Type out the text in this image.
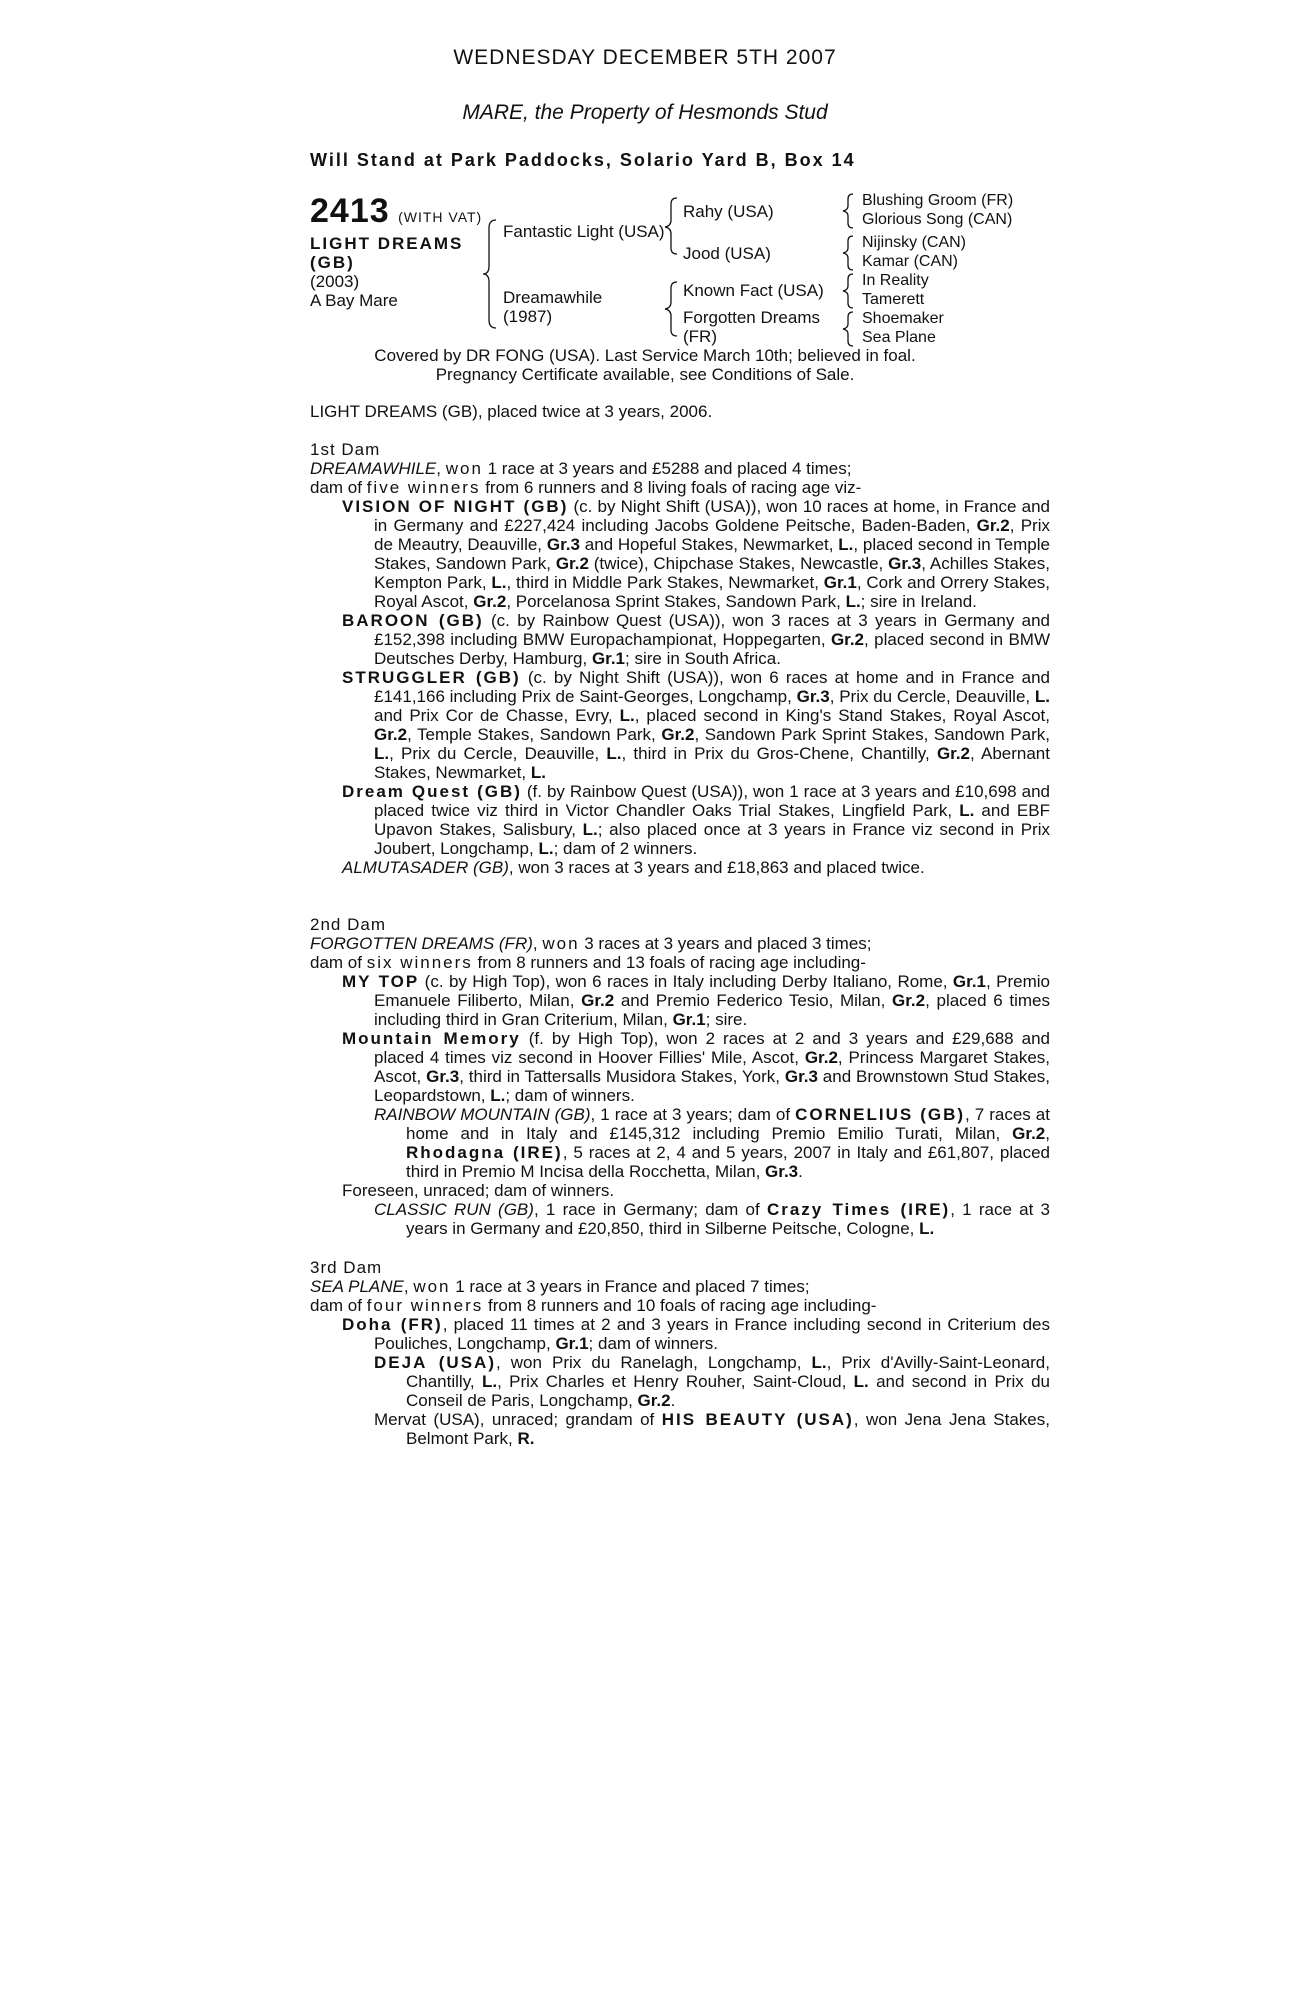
WEDNESDAY DECEMBER 5TH 2007
MARE, the Property of Hesmonds Stud
Will Stand at Park Paddocks, Solario Yard B, Box 14
2413 (WITH VAT)
LIGHT DREAMS
(GB)
(2003)
A Bay Mare
Fantastic Light (USA)
Dreamawhile
(1987)
Rahy (USA)
Jood (USA)
Known Fact (USA)
Forgotten Dreams
(FR)
Blushing Groom (FR)
Glorious Song (CAN)
Nijinsky (CAN)
Kamar (CAN)
In Reality
Tamerett
Shoemaker
Sea Plane
Covered by DR FONG (USA). Last Service March 10th; believed in foal.
Pregnancy Certificate available, see Conditions of Sale.
LIGHT DREAMS (GB), placed twice at 3 years, 2006.

1st Dam

DREAMAWHILE, won 1 race at 3 years and £5288 and placed 4 times;

dam of five winners from 6 runners and 8 living foals of racing age viz-

VISION OF NIGHT (GB) (c. by Night Shift (USA)), won 10 races at home, in France and in Germany and £227,424 including Jacobs Goldene Peitsche, Baden-Baden, Gr.2, Prix de Meautry, Deauville, Gr.3 and Hopeful Stakes, Newmarket, L., placed second in Temple Stakes, Sandown Park, Gr.2 (twice), Chipchase Stakes, Newcastle, Gr.3, Achilles Stakes, Kempton Park, L., third in Middle Park Stakes, Newmarket, Gr.1, Cork and Orrery Stakes, Royal Ascot, Gr.2, Porcelanosa Sprint Stakes, Sandown Park, L.; sire in Ireland.

BAROON (GB) (c. by Rainbow Quest (USA)), won 3 races at 3 years in Germany and £152,398 including BMW Europachampionat, Hoppegarten, Gr.2, placed second in BMW Deutsches Derby, Hamburg, Gr.1; sire in South Africa.

STRUGGLER (GB) (c. by Night Shift (USA)), won 6 races at home and in France and £141,166 including Prix de Saint-Georges, Longchamp, Gr.3, Prix du Cercle, Deauville, L. and Prix Cor de Chasse, Evry, L., placed second in King's Stand Stakes, Royal Ascot, Gr.2, Temple Stakes, Sandown Park, Gr.2, Sandown Park Sprint Stakes, Sandown Park, L., Prix du Cercle, Deauville, L., third in Prix du Gros-Chene, Chantilly, Gr.2, Abernant Stakes, Newmarket, L.

Dream Quest (GB) (f. by Rainbow Quest (USA)), won 1 race at 3 years and £10,698 and placed twice viz third in Victor Chandler Oaks Trial Stakes, Lingfield Park, L. and EBF Upavon Stakes, Salisbury, L.; also placed once at 3 years in France viz second in Prix Joubert, Longchamp, L.; dam of 2 winners.

ALMUTASADER (GB), won 3 races at 3 years and £18,863 and placed twice.

2nd Dam

FORGOTTEN DREAMS (FR), won 3 races at 3 years and placed 3 times;

dam of six winners from 8 runners and 13 foals of racing age including-

MY TOP (c. by High Top), won 6 races in Italy including Derby Italiano, Rome, Gr.1, Premio Emanuele Filiberto, Milan, Gr.2 and Premio Federico Tesio, Milan, Gr.2, placed 6 times including third in Gran Criterium, Milan, Gr.1; sire.

Mountain Memory (f. by High Top), won 2 races at 2 and 3 years and £29,688 and placed 4 times viz second in Hoover Fillies' Mile, Ascot, Gr.2, Princess Margaret Stakes, Ascot, Gr.3, third in Tattersalls Musidora Stakes, York, Gr.3 and Brownstown Stud Stakes, Leopardstown, L.; dam of winners.

RAINBOW MOUNTAIN (GB), 1 race at 3 years; dam of CORNELIUS (GB), 7 races at home and in Italy and £145,312 including Premio Emilio Turati, Milan, Gr.2, Rhodagna (IRE), 5 races at 2, 4 and 5 years, 2007 in Italy and £61,807, placed third in Premio M Incisa della Rocchetta, Milan, Gr.3.

Foreseen, unraced; dam of winners.

CLASSIC RUN (GB), 1 race in Germany; dam of Crazy Times (IRE), 1 race at 3 years in Germany and £20,850, third in Silberne Peitsche, Cologne, L.

3rd Dam

SEA PLANE, won 1 race at 3 years in France and placed 7 times;

dam of four winners from 8 runners and 10 foals of racing age including-

Doha (FR), placed 11 times at 2 and 3 years in France including second in Criterium des Pouliches, Longchamp, Gr.1; dam of winners.

DEJA (USA), won Prix du Ranelagh, Longchamp, L., Prix d'Avilly-Saint-Leonard, Chantilly, L., Prix Charles et Henry Rouher, Saint-Cloud, L. and second in Prix du Conseil de Paris, Longchamp, Gr.2.

Mervat (USA), unraced; grandam of HIS BEAUTY (USA), won Jena Jena Stakes, Belmont Park, R.
